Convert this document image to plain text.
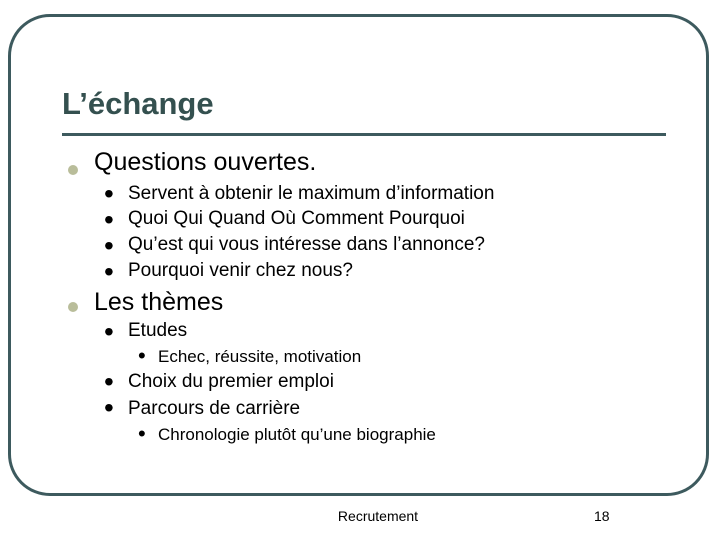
L’échange
Questions ouvertes.
• Servent à obtenir le maximum d’information
• Quoi Qui Quand Où Comment Pourquoi
• Qu’est qui vous intéresse dans l’annonce?
• Pourquoi venir chez nous?
Les thèmes
• Etudes
• Echec, réussite, motivation
• Choix du premier emploi
• Parcours de carrière
• Chronologie plutôt qu’une biographie
Recrutement	18
